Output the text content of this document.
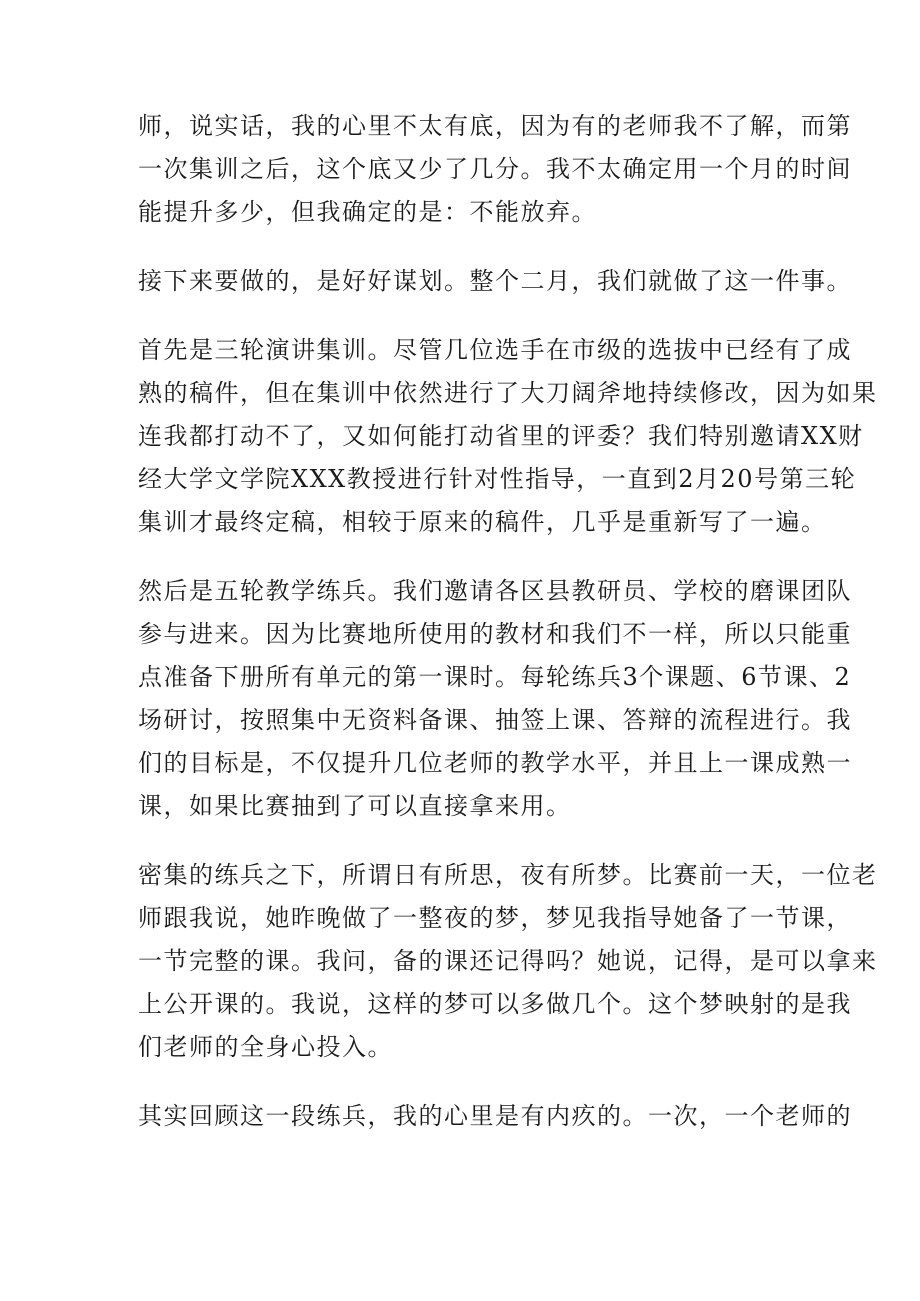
师，说实话，我的心里不太有底，因为有的老师我不了解，而第

一次集训之后，这个底又少了几分。我不太确定用一个月的时间

能提升多少，但我确定的是：不能放弃。

接下来要做的，是好好谋划。整个二月，我们就做了这一件事。

首先是三轮演讲集训。尽管几位选手在市级的选拔中已经有了成

熟的稿件，但在集训中依然进行了大刀阔斧地持续修改，因为如果

连我都打动不了，又如何能打动省里的评委？我们特别邀请XX财

经大学文学院XXX教授进行针对性指导，一直到2月20号第三轮

集训才最终定稿，相较于原来的稿件，几乎是重新写了一遍。

然后是五轮教学练兵。我们邀请各区县教研员、学校的磨课团队

参与进来。因为比赛地所使用的教材和我们不一样，所以只能重

点准备下册所有单元的第一课时。每轮练兵3个课题、6节课、2

场研讨，按照集中无资料备课、抽签上课、答辩的流程进行。我

们的目标是，不仅提升几位老师的教学水平，并且上一课成熟一

课，如果比赛抽到了可以直接拿来用。

密集的练兵之下，所谓日有所思，夜有所梦。比赛前一天，一位老

师跟我说，她昨晚做了一整夜的梦，梦见我指导她备了一节课，

一节完整的课。我问，备的课还记得吗？她说，记得，是可以拿来

上公开课的。我说，这样的梦可以多做几个。这个梦映射的是我

们老师的全身心投入。

其实回顾这一段练兵，我的心里是有内疚的。一次，一个老师的
